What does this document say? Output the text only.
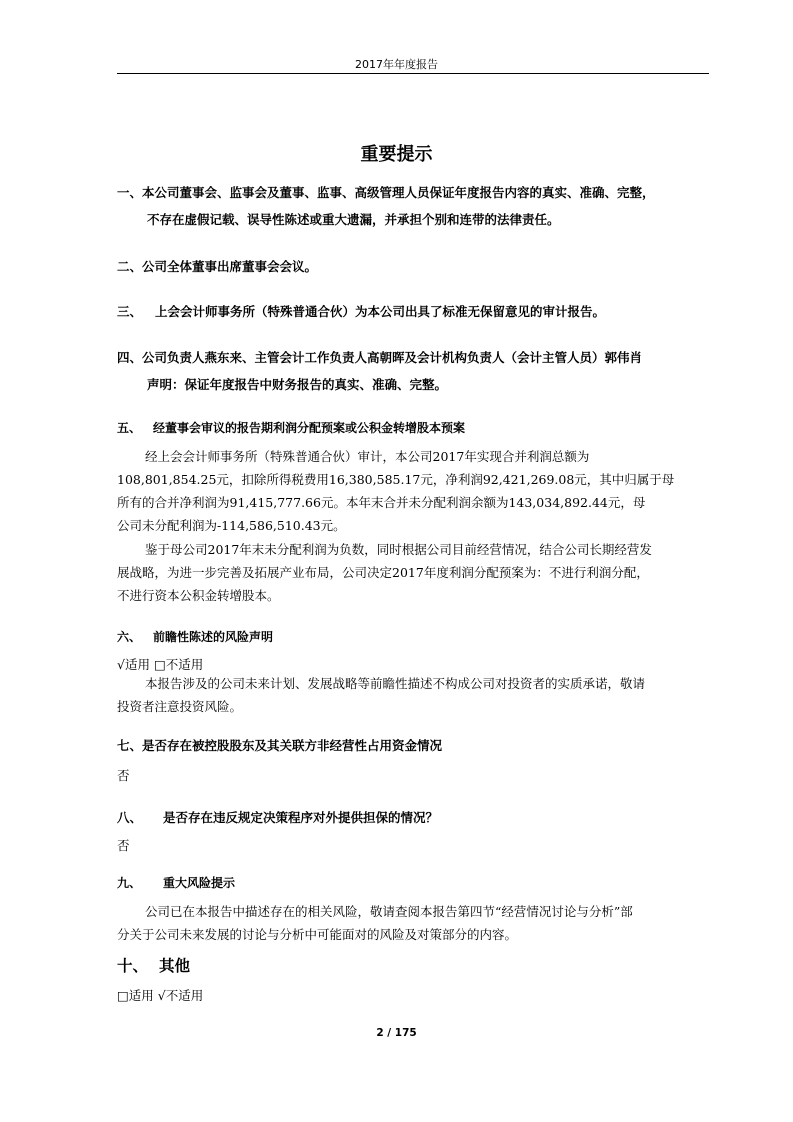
2017年年度报告
重要提示
一、本公司董事会、监事会及董事、监事、高级管理人员保证年度报告内容的真实、准确、完整，
不存在虚假记载、误导性陈述或重大遗漏，并承担个别和连带的法律责任。
二、公司全体董事出席董事会会议。
三、 上会会计师事务所（特殊普通合伙）为本公司出具了标准无保留意见的审计报告。
四、公司负责人燕东来、主管会计工作负责人高朝晖及会计机构负责人（会计主管人员）郭伟肖
声明：保证年度报告中财务报告的真实、准确、完整。
五、 经董事会审议的报告期利润分配预案或公积金转增股本预案
经上会会计师事务所（特殊普通合伙）审计，本公司2017年实现合并利润总额为
108,801,854.25元，扣除所得税费用16,380,585.17元，净利润92,421,269.08元，其中归属于母
所有的合并净利润为91,415,777.66元。本年末合并未分配利润余额为143,034,892.44元，母
公司未分配利润为-114,586,510.43元。
鉴于母公司2017年末未分配利润为负数，同时根据公司目前经营情况，结合公司长期经营发
展战略，为进一步完善及拓展产业布局，公司决定2017年度利润分配预案为：不进行利润分配，
不进行资本公积金转增股本。
六、 前瞻性陈述的风险声明
√适用 □不适用
本报告涉及的公司未来计划、发展战略等前瞻性描述不构成公司对投资者的实质承诺，敬请
投资者注意投资风险。
七、是否存在被控股股东及其关联方非经营性占用资金情况
否
八、 是否存在违反规定决策程序对外提供担保的情况？
否
九、 重大风险提示
公司已在本报告中描述存在的相关风险，敬请查阅本报告第四节“经营情况讨论与分析”部
分关于公司未来发展的讨论与分析中可能面对的风险及对策部分的内容。
十、 其他
□适用 √不适用
2 / 175
